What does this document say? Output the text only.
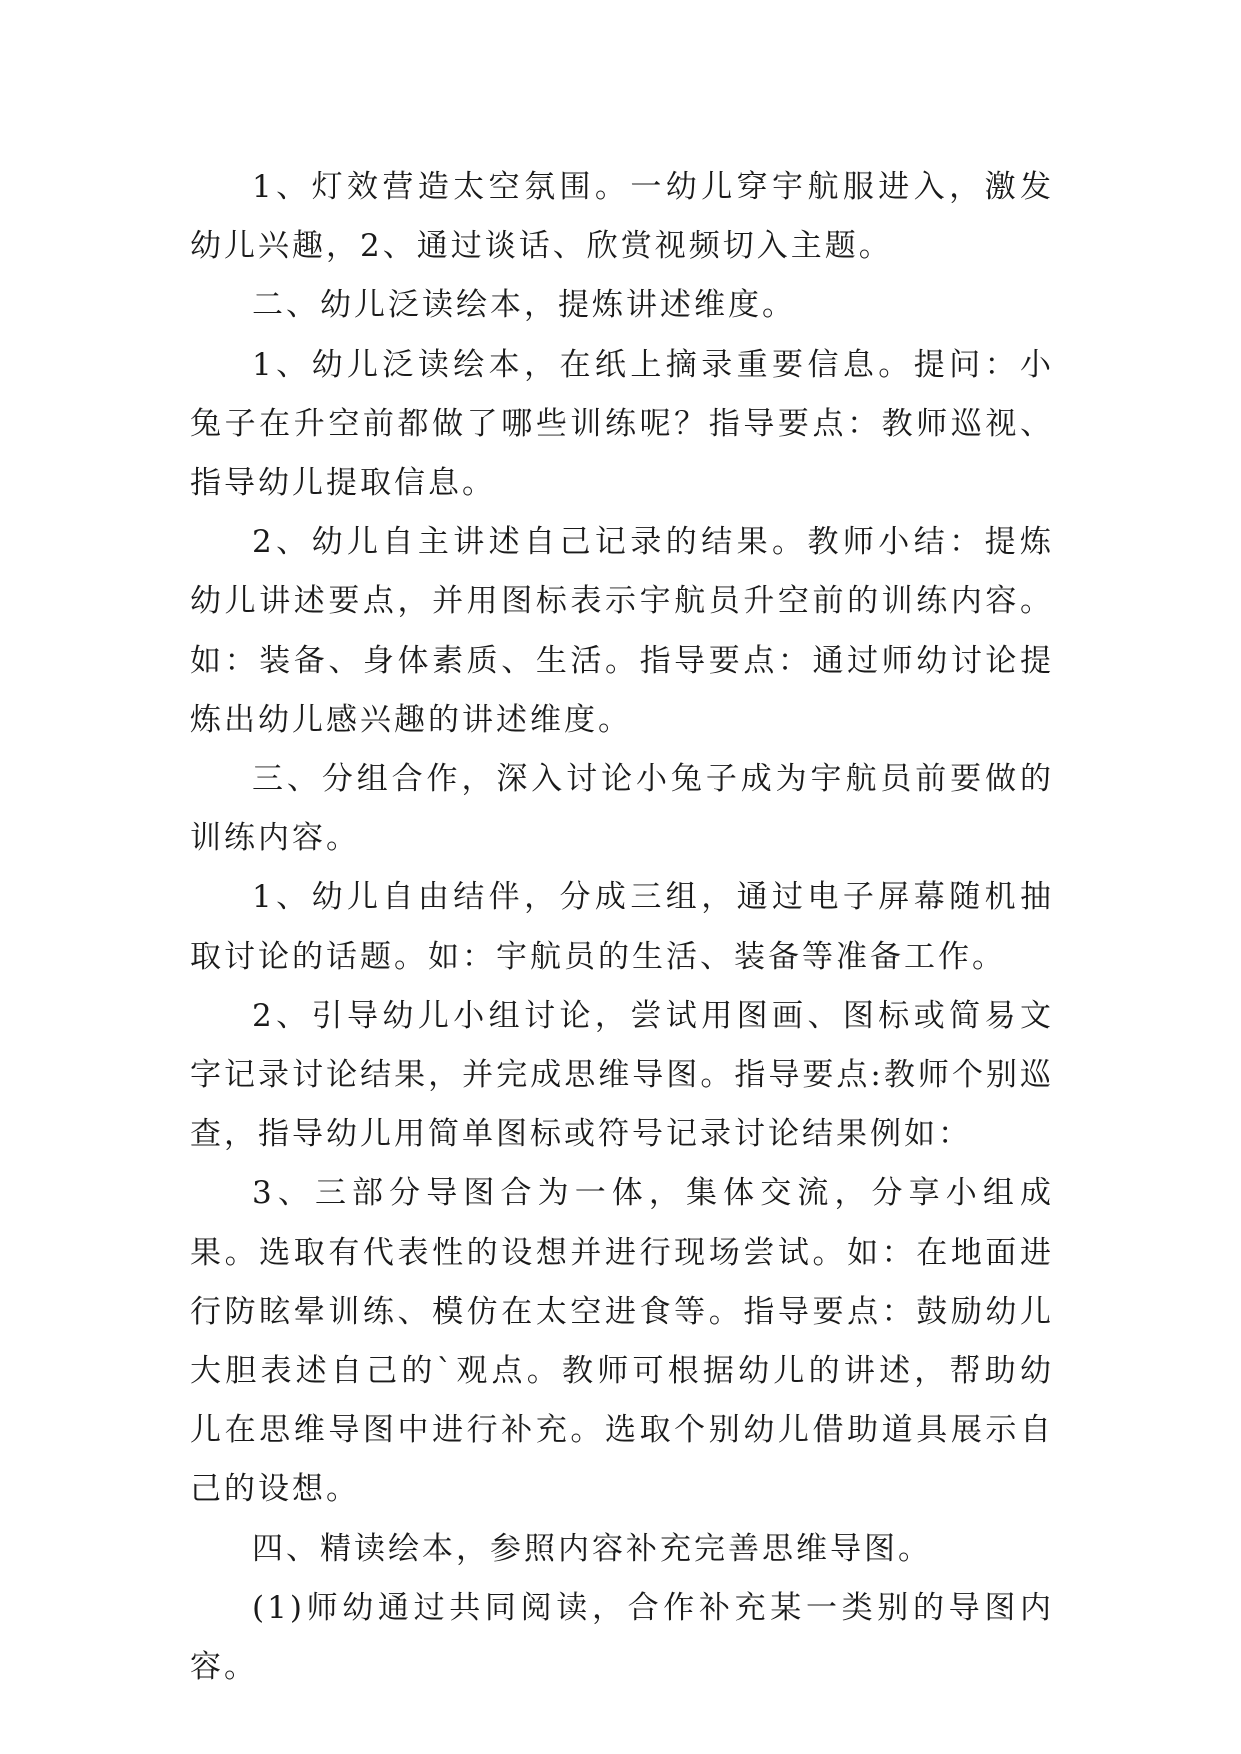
1、灯效营造太空氛围。一幼儿穿宇航服进入，激发幼儿兴趣，2、通过谈话、欣赏视频切入主题。

二、幼儿泛读绘本，提炼讲述维度。

1、幼儿泛读绘本，在纸上摘录重要信息。提问：小兔子在升空前都做了哪些训练呢？指导要点：教师巡视、指导幼儿提取信息。

2、幼儿自主讲述自己记录的结果。教师小结：提炼幼儿讲述要点，并用图标表示宇航员升空前的训练内容。如：装备、身体素质、生活。指导要点：通过师幼讨论提炼出幼儿感兴趣的讲述维度。

三、分组合作，深入讨论小兔子成为宇航员前要做的训练内容。

1、幼儿自由结伴，分成三组，通过电子屏幕随机抽取讨论的话题。如：宇航员的生活、装备等准备工作。

2、引导幼儿小组讨论，尝试用图画、图标或简易文字记录讨论结果，并完成思维导图。指导要点:教师个别巡查，指导幼儿用简单图标或符号记录讨论结果例如：

3、三部分导图合为一体，集体交流，分享小组成果。选取有代表性的设想并进行现场尝试。如：在地面进行防眩晕训练、模仿在太空进食等。指导要点：鼓励幼儿大胆表述自己的`观点。教师可根据幼儿的讲述，帮助幼儿在思维导图中进行补充。选取个别幼儿借助道具展示自己的设想。

四、精读绘本，参照内容补充完善思维导图。

(1)师幼通过共同阅读，合作补充某一类别的导图内容。
